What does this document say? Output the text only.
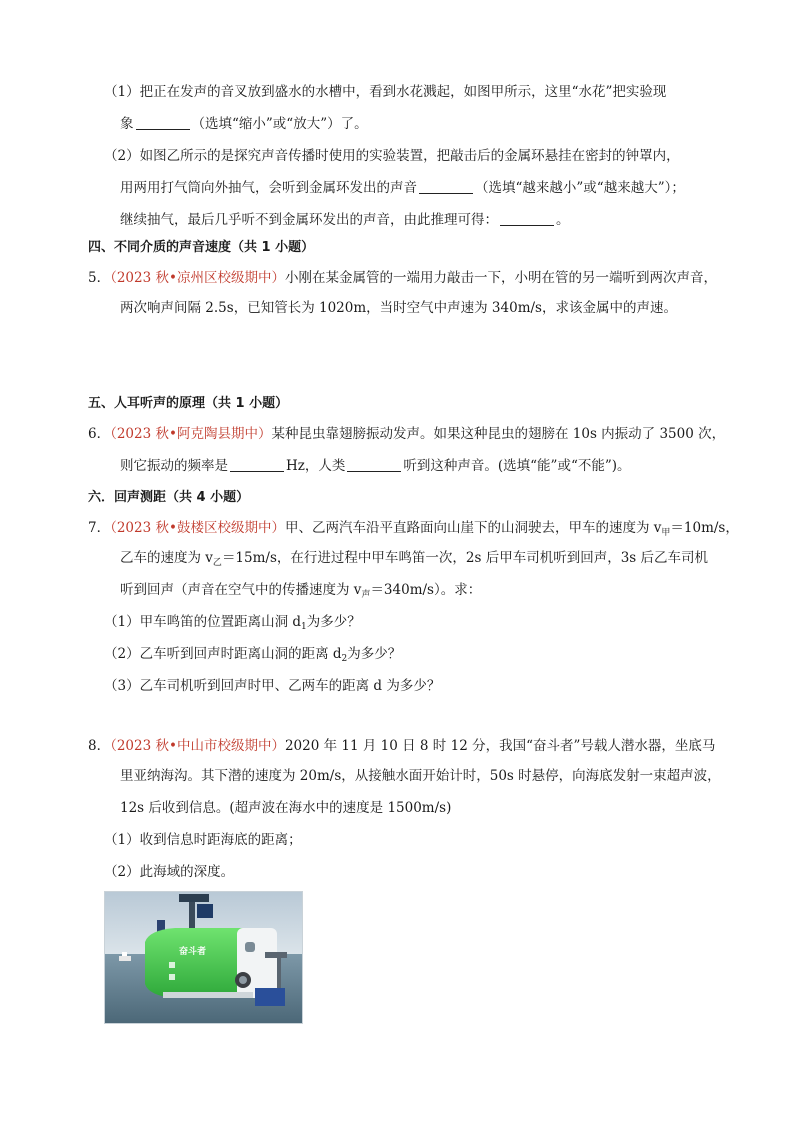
（1）把正在发声的音叉放到盛水的水槽中，看到水花溅起，如图甲所示，这里“水花”把实验现
象	（选填“缩小”或“放大”）了。
（2）如图乙所示的是探究声音传播时使用的实验装置，把敲击后的金属环悬挂在密封的钟罩内，
用两用打气筒向外抽气，会听到金属环发出的声音	（选填“越来越小”或“越来越大”）；
继续抽气，最后几乎听不到金属环发出的声音，由此推理可得：	。
四、不同介质的声音速度（共 1 小题）
5．（2023 秋•凉州区校级期中）小刚在某金属管的一端用力敲击一下，小明在管的另一端听到两次声音，
两次响声间隔 2.5s，已知管长为 1020m，当时空气中声速为 340m/s，求该金属中的声速。
五、人耳听声的原理（共 1 小题）
6．（2023 秋•阿克陶县期中）某种昆虫靠翅膀振动发声。如果这种昆虫的翅膀在 10s 内振动了 3500 次，
则它振动的频率是	Hz，人类	听到这种声音。(选填“能”或“不能”)。
六．回声测距（共 4 小题）
7．（2023 秋•鼓楼区校级期中）甲、乙两汽车沿平直路面向山崖下的山洞驶去，甲车的速度为 $v_甲=10m/s$，
乙车的速度为 $v_乙=15m/s$，在行进过程中甲车鸣笛一次，2s 后甲车司机听到回声，3s 后乙车司机
听到回声（声音在空气中的传播速度为 $v_声=340m/s$）。求：
（1）甲车鸣笛的位置距离山洞 $d_1$为多少？
（2）乙车听到回声时距离山洞的距离 $d_2$为多少？
（3）乙车司机听到回声时甲、乙两车的距离 d 为多少？
8．（2023 秋•中山市校级期中）2020 年 11 月 10 日 8 时 12 分，我国“奋斗者”号载人潜水器，坐底马
里亚纳海沟。其下潜的速度为 20m/s，从接触水面开始计时，50s 时悬停，向海底发射一束超声波，
12s 后收到信息。(超声波在海水中的速度是 1500m/s)
（1）收到信息时距海底的距离；
（2）此海域的深度。
奋斗者
